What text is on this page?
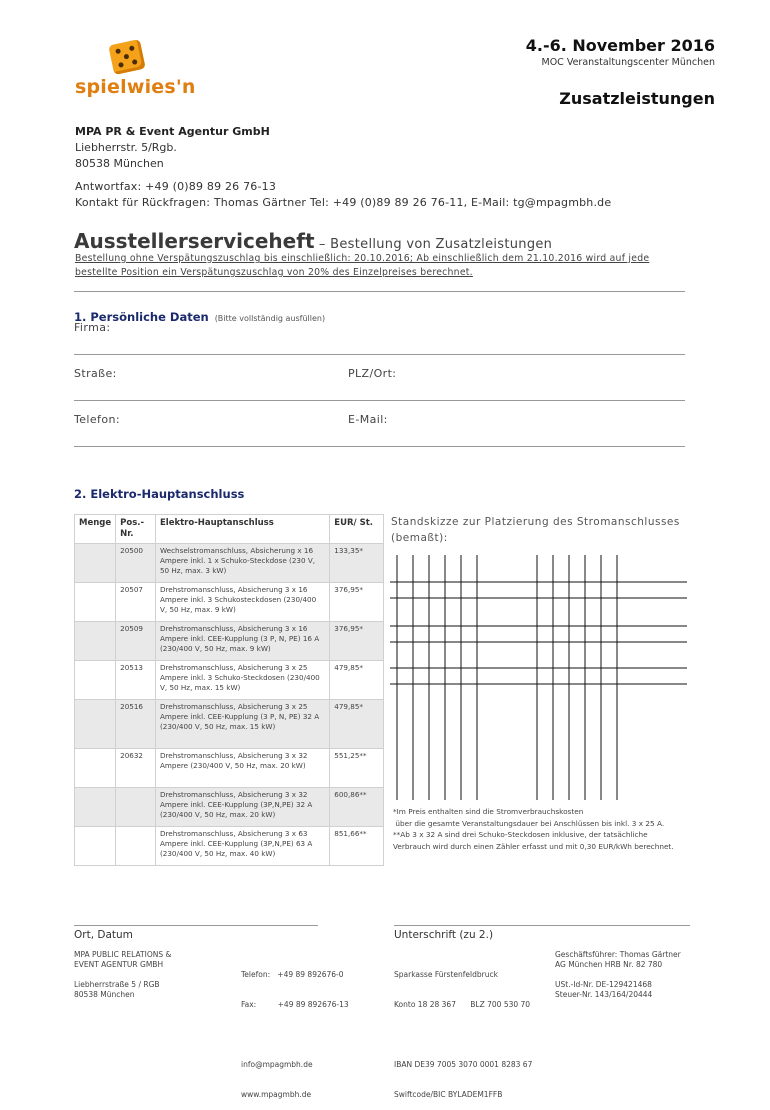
spielwies'n
4.-6. November 2016
MOC Veranstaltungscenter München
Zusatzleistungen
MPA PR & Event Agentur GmbH
Liebherrstr. 5/Rgb.
80538 München
Antwortfax: +49 (0)89 89 26 76-13
Kontakt für Rückfragen: Thomas Gärtner Tel: +49 (0)89 89 26 76-11, E-Mail: tg@mpagmbh.de
Ausstellerserviceheft – Bestellung von Zusatzleistungen
Bestellung ohne Verspätungszuschlag bis einschließlich: 20.10.2016; Ab einschließlich dem 21.10.2016 wird auf jede bestellte Position ein Verspätungszuschlag von 20% des Einzelpreises berechnet.
1. Persönliche Daten (Bitte vollständig ausfüllen)
Firma:
Straße:	PLZ/Ort:
Telefon:	E-Mail:
2. Elektro-Hauptanschluss
Menge	Pos.-Nr.	Elektro-Hauptanschluss	EUR/ St.
	20500	Wechselstromanschluss, Absicherung x 16 Ampere inkl. 1 x Schuko-Steckdose (230 V, 50 Hz, max. 3 kW)	133,35*
	20507	Drehstromanschluss, Absicherung 3 x 16 Ampere inkl. 3 Schukosteckdosen (230/400 V, 50 Hz, max. 9 kW)	376,95*
	20509	Drehstromanschluss, Absicherung 3 x 16 Ampere inkl. CEE-Kupplung (3 P, N, PE) 16 A (230/400 V, 50 Hz, max. 9 kW)	376,95*
	20513	Drehstromanschluss, Absicherung 3 x 25 Ampere inkl. 3 Schuko-Steckdosen (230/400 V, 50 Hz, max. 15 kW)	479,85*
	20516	Drehstromanschluss, Absicherung 3 x 25 Ampere inkl. CEE-Kupplung (3 P, N, PE) 32 A (230/400 V, 50 Hz, max. 15 kW)	479,85*
	20632	Drehstromanschluss, Absicherung 3 x 32 Ampere (230/400 V, 50 Hz, max. 20 kW)	551,25**
		Drehstromanschluss, Absicherung 3 x 32 Ampere inkl. CEE-Kupplung (3P,N,PE) 32 A (230/400 V, 50 Hz, max. 20 kW)	600,86**
		Drehstromanschluss, Absicherung 3 x 63 Ampere inkl. CEE-Kupplung (3P,N,PE) 63 A (230/400 V, 50 Hz, max. 40 kW)	851,66**
Standskizze zur Platzierung des Stromanschlusses (bemaßt):
*Im Preis enthalten sind die Stromverbrauchskosten
über die gesamte Veranstaltungsdauer bei Anschlüssen bis inkl. 3 x 25 A.
**Ab 3 x 32 A sind drei Schuko-Steckdosen inklusive, der tatsächliche
Verbrauch wird durch einen Zähler erfasst und mit 0,30 EUR/kWh berechnet.
Ort, Datum	Unterschrift (zu 2.)
MPA PUBLIC RELATIONS &
EVENT AGENTUR GMBH
Liebherrstraße 5 / RGB
80538 München

Telefon:   +49 89 892676-0

Fax:         +49 89 892676-13

info@mpagmbh.de

www.mpagmbh.de

Sparkasse Fürstenfeldbruck

Konto 18 28 367      BLZ 700 530 70

IBAN DE39 7005 3070 0001 8283 67

Swiftcode/BIC BYLADEM1FFB

Geschäftsführer: Thomas Gärtner
AG München HRB Nr. 82 780
USt.-Id-Nr. DE-129421468
Steuer-Nr. 143/164/20444
